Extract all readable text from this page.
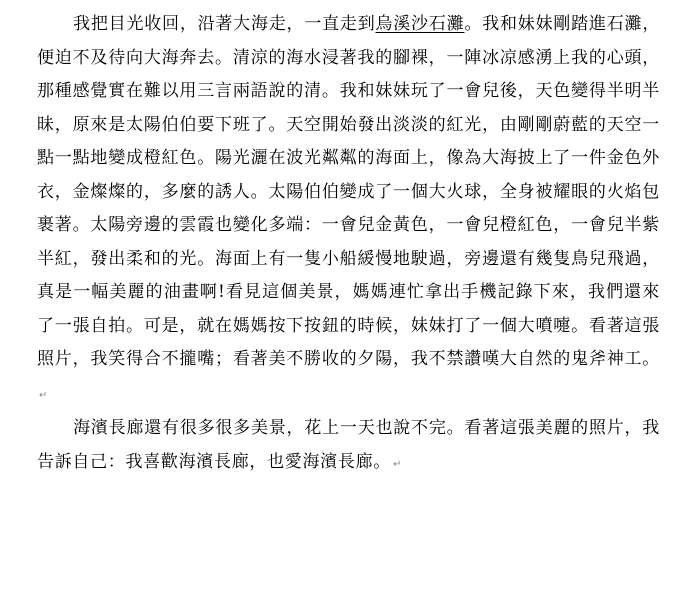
我把目光收回，沿著大海走，一直走到烏溪沙石灘。我和妹妹剛踏進石灘，便迫不及待向大海奔去。清涼的海水浸著我的腳裸，一陣冰凉感湧上我的心頭，那種感覺實在難以用三言兩語說的清。我和妹妹玩了一會兒後，天色變得半明半昧，原來是太陽伯伯要下班了。天空開始發出淡淡的紅光，由剛剛蔚藍的天空一點一點地變成橙紅色。陽光灑在波光粼粼的海面上，像為大海披上了一件金色外衣，金燦燦的，多麼的誘人。太陽伯伯變成了一個大火球，全身被耀眼的火焰包裹著。太陽旁邊的雲霞也變化多端：一會兒金黃色，一會兒橙紅色，一會兒半紫半紅，發出柔和的光。海面上有一隻小船緩慢地駛過，旁邊還有幾隻鳥兒飛過，真是一幅美麗的油畫啊!看見這個美景，媽媽連忙拿出手機記錄下來，我們還來了一張自拍。可是，就在媽媽按下按鈕的時候，妹妹打了一個大噴嚏。看著這張照片，我笑得合不攏嘴；看著美不勝收的夕陽，我不禁讚嘆大自然的鬼斧神工。↵

海濱長廊還有很多很多美景，花上一天也說不完。看著這張美麗的照片，我告訴自己：我喜歡海濱長廊，也愛海濱長廊。 ↵
